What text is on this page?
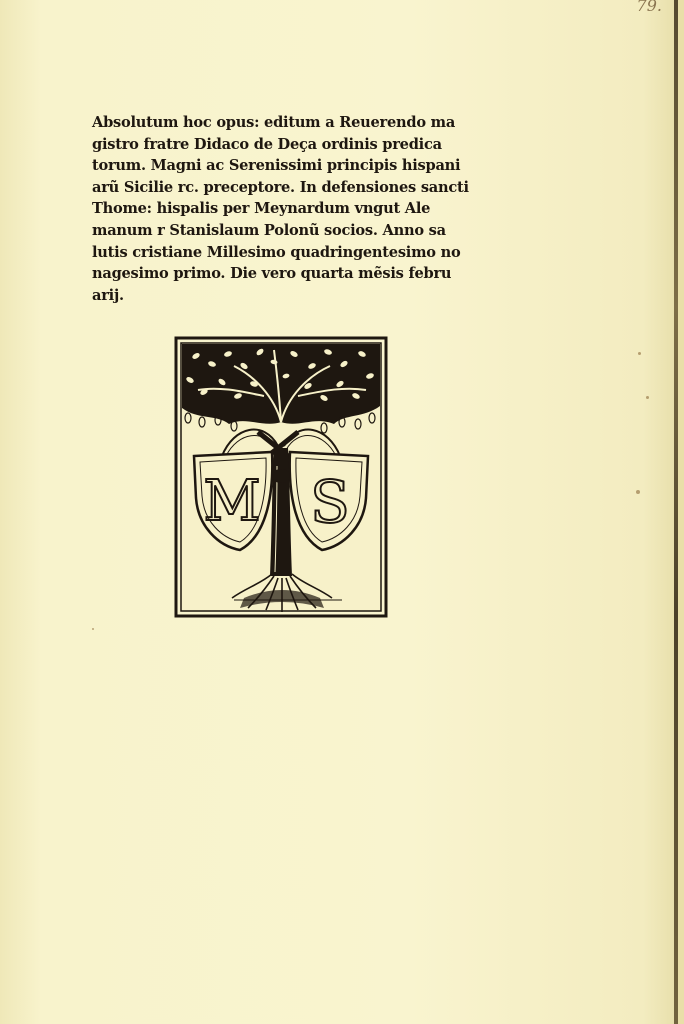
79.
Absolutum hoc opus: editum a Reuerendo ma
gistro fratre Didaco de Deça ordinis predica
torum. Magni ac Serenissimi principis hispani
arũ Sicilie rc. preceptore. In defensiones sancti
Thome: hispalis per Meynardum vngut Ale
manum r Stanislaum Polonũ socios. Anno sa
lutis cristiane Millesimo quadringentesimo no
nagesimo primo. Die vero quarta mẽsis febru
arij.
M S
